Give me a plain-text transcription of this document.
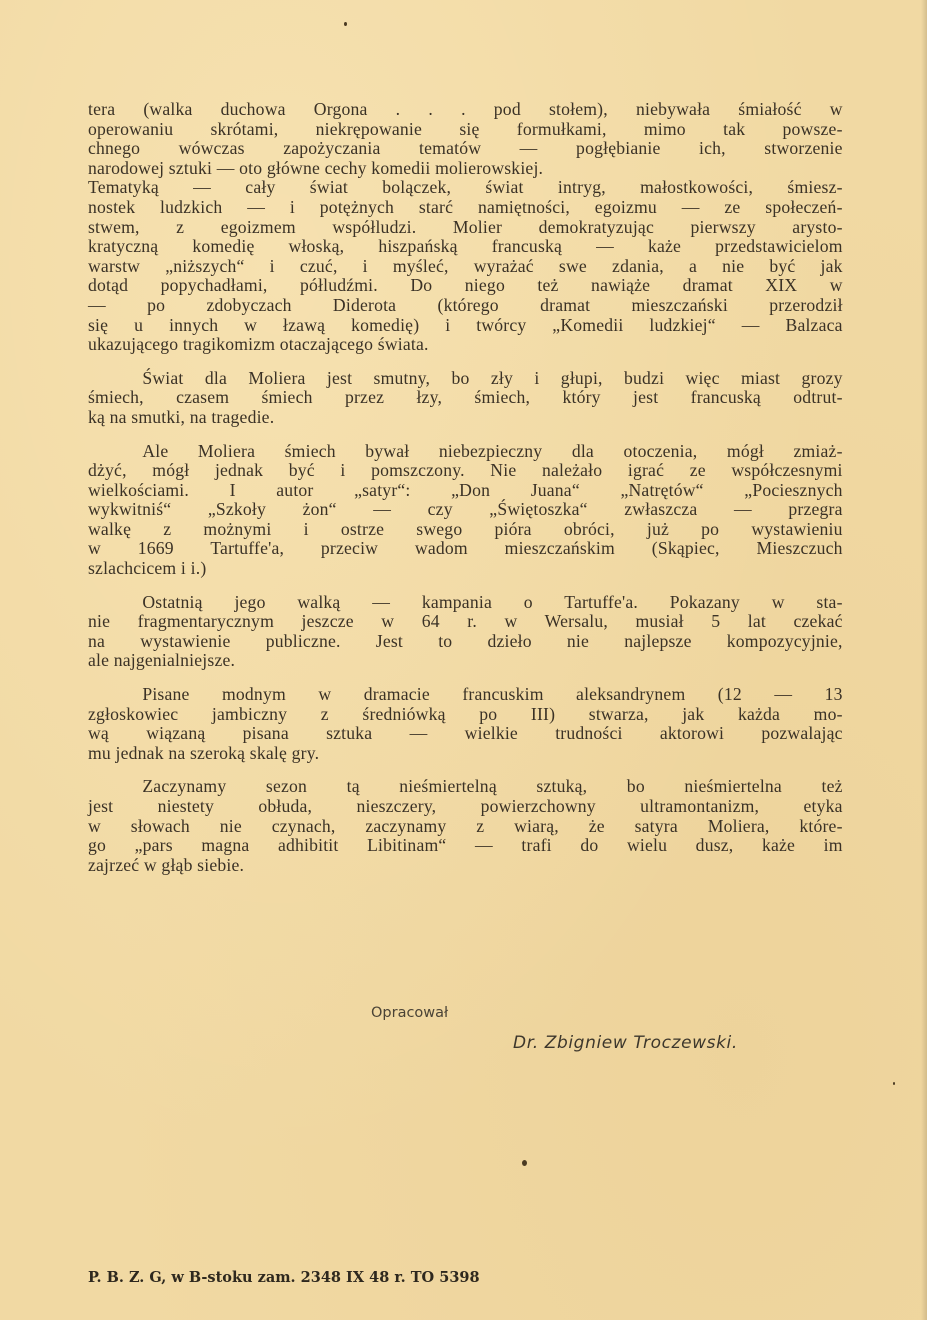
tera (walka duchowa Orgona . . . pod stołem), niebywała śmiałość w
operowaniu skrótami, niekrępowanie się formułkami, mimo tak powsze-
chnego wówczas zapożyczania tematów — pogłębianie ich, stworzenie
narodowej sztuki — oto główne cechy komedii molierowskiej.
Tematyką — cały świat bolączek, świat intryg, małostkowości, śmiesz-
nostek ludzkich — i potężnych starć namiętności, egoizmu — ze społeczeń-
stwem, z egoizmem współludzi. Molier demokratyzując pierwszy arysto-
kratyczną komedię włoską, hiszpańską francuską — każe przedstawicielom
warstw „niższych“ i czuć, i myśleć, wyrażać swe zdania, a nie być jak
dotąd popychadłami, półludźmi. Do niego też nawiąże dramat XIX w
— po zdobyczach Diderota (którego dramat mieszczański przerodził
się u innych w łzawą komedię) i twórcy „Komedii ludzkiej“ — Balzaca
ukazującego tragikomizm otaczającego świata.
Świat dla Moliera jest smutny, bo zły i głupi, budzi więc miast grozy
śmiech, czasem śmiech przez łzy, śmiech, który jest francuską odtrut-
ką na smutki, na tragedie.
Ale Moliera śmiech bywał niebezpieczny dla otoczenia, mógł zmiaż-
dżyć, mógł jednak być i pomszczony. Nie należało igrać ze współczesnymi
wielkościami. I autor „satyr“: „Don Juana“ „Natrętów“ „Pociesznych
wykwitniś“ „Szkoły żon“ — czy „Świętoszka“ zwłaszcza — przegra
walkę z możnymi i ostrze swego pióra obróci, już po wystawieniu
w 1669 Tartuffe'a, przeciw wadom mieszczańskim (Skąpiec, Mieszczuch
szlachcicem i i.)
Ostatnią jego walką — kampania o Tartuffe'a. Pokazany w sta-
nie fragmentarycznym jeszcze w 64 r. w Wersalu, musiał 5 lat czekać
na wystawienie publiczne. Jest to dzieło nie najlepsze kompozycyjnie,
ale najgenialniejsze.
Pisane modnym w dramacie francuskim aleksandrynem (12 — 13
zgłoskowiec jambiczny z średniówką po III) stwarza, jak każda mo-
wą wiązaną pisana sztuka — wielkie trudności aktorowi pozwalając
mu jednak na szeroką skalę gry.
Zaczynamy sezon tą nieśmiertelną sztuką, bo nieśmiertelna też
jest niestety obłuda, nieszczery, powierzchowny ultramontanizm, etyka
w słowach nie czynach, zaczynamy z wiarą, że satyra Moliera, które-
go „pars magna adhibitit Libitinam“ — trafi do wielu dusz, każe im
zajrzeć w głąb siebie.
Opracował
Dr. Zbigniew Troczewski.
P. B. Z. G, w B-stoku zam. 2348 IX 48 r. TO 5398
